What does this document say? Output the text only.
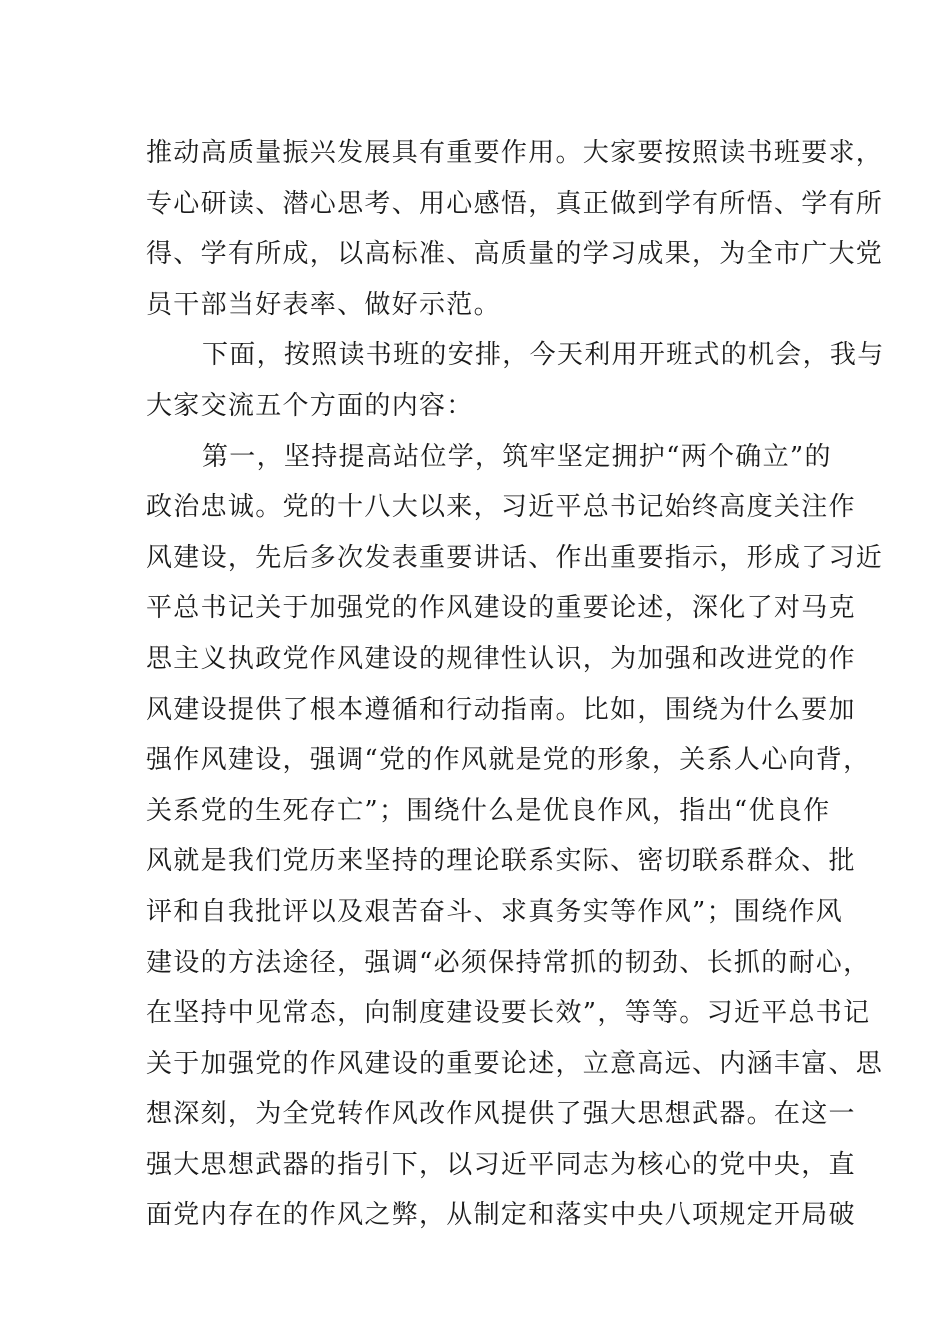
推动高质量振兴发展具有重要作用。大家要按照读书班要求，
专心研读、潜心思考、用心感悟，真正做到学有所悟、学有所
得、学有所成，以高标准、高质量的学习成果，为全市广大党
员干部当好表率、做好示范。
下面，按照读书班的安排，今天利用开班式的机会，我与
大家交流五个方面的内容：
第一，坚持提高站位学，筑牢坚定拥护“两个确立”的
政治忠诚。党的十八大以来，习近平总书记始终高度关注作
风建设，先后多次发表重要讲话、作出重要指示，形成了习近
平总书记关于加强党的作风建设的重要论述，深化了对马克
思主义执政党作风建设的规律性认识，为加强和改进党的作
风建设提供了根本遵循和行动指南。比如，围绕为什么要加
强作风建设，强调“党的作风就是党的形象，关系人心向背，
关系党的生死存亡”；围绕什么是优良作风，指出“优良作
风就是我们党历来坚持的理论联系实际、密切联系群众、批
评和自我批评以及艰苦奋斗、求真务实等作风”；围绕作风
建设的方法途径，强调“必须保持常抓的韧劲、长抓的耐心，
在坚持中见常态，向制度建设要长效”，等等。习近平总书记
关于加强党的作风建设的重要论述，立意高远、内涵丰富、思
想深刻，为全党转作风改作风提供了强大思想武器。在这一
强大思想武器的指引下，以习近平同志为核心的党中央，直
面党内存在的作风之弊，从制定和落实中央八项规定开局破
